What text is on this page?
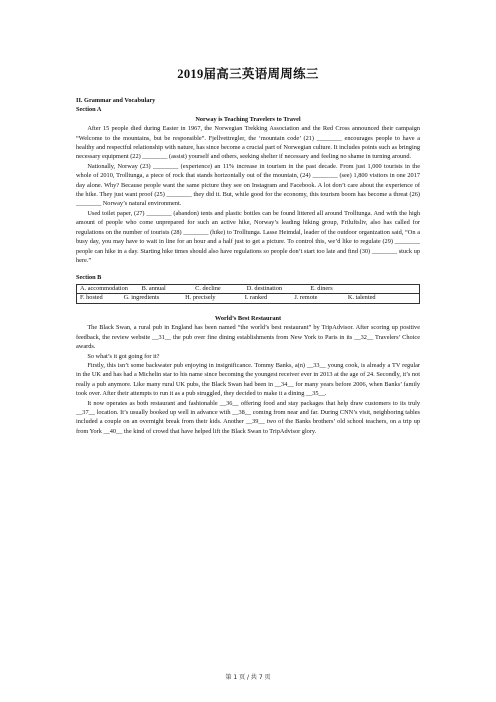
2019届高三英语周周练三

II. Grammar and Vocabulary

Section A

Norway is Teaching Travelers to Travel

After 15 people died during Easter in 1967, the Norwegian Trekking Association and the Red Cross announced their campaign “Welcome to the mountains, but be responsible”. Fjellvettregler, the ‘mountain code’ (21) ________ encourages people to have a healthy and respectful relationship with nature, has since become a crucial part of Norwegian culture. It includes points such as bringing necessary equipment (22) ________ (assist) yourself and others, seeking shelter if necessary and feeling no shame in turning around.

Nationally, Norway (23) ________ (experience) an 11% increase in tourism in the past decade. From just 1,000 tourists in the whole of 2010, Trolltunga, a piece of rock that stands horizontally out of the mountain, (24) ________ (see) 1,800 visitors in one 2017 day alone. Why? Because people want the same picture they see on Instagram and Facebook. A lot don’t care about the experience of the hike. They just want proof (25) ________ they did it. But, while good for the economy, this tourism boom has become a threat (26) ________ Norway’s natural environment.

Used toilet paper, (27) ________ (abandon) tents and plastic bottles can be found littered all around Trolltunga. And with the high amount of people who come unprepared for such an active hike, Norway’s leading hiking group, Friluftsliv, also has called for regulations on the number of tourists (28) ________ (hike) to Trolltunga. Lasse Heimdal, leader of the outdoor organization said, “On a busy day, you may have to wait in line for an hour and a half just to get a picture. To control this, we’d like to regulate (29) ________ people can hike in a day. Starting hike times should also have regulations so people don’t start too late and find (30) ________ stuck up here.”

Section B

A. accommodation B. annual	C. decline	D. destination	E. diners
F. hosted	G. ingredients	H. precisely	I. ranked	J. remote	K. talented

World’s Best Restaurant

The Black Swan, a rural pub in England has been named “the world’s best restaurant” by TripAdvisor. After scoring up positive feedback, the review website __31__ the pub over fine dining establishments from New York to Paris in its __32__ Travelers’ Choice awards.

So what’s it got going for it?

Firstly, this isn’t some backwater pub enjoying in insignificance. Tommy Banks, a(n) __33__ young cook, is already a TV regular in the UK and has had a Michelin star to his name since becoming the youngest receiver ever in 2013 at the age of 24. Secondly, it’s not really a pub anymore. Like many rural UK pubs, the Black Swan had been in __34__ for many years before 2006, when Banks’ family took over. After their attempts to run it as a pub struggled, they decided to make it a dining __35__.

It now operates as both restaurant and fashionable __36__ offering food and stay packages that help draw customers to its truly __37__ location. It’s usually booked up well in advance with __38__ coming from near and far. During CNN’s visit, neighboring tables included a couple on an overnight break from their kids. Another __39__ two of the Banks brothers’ old school teachers, on a trip up from York __40__ the kind of crowd that have helped lift the Black Swan to TripAdvisor glory.

第 1 页 / 共 7 页
